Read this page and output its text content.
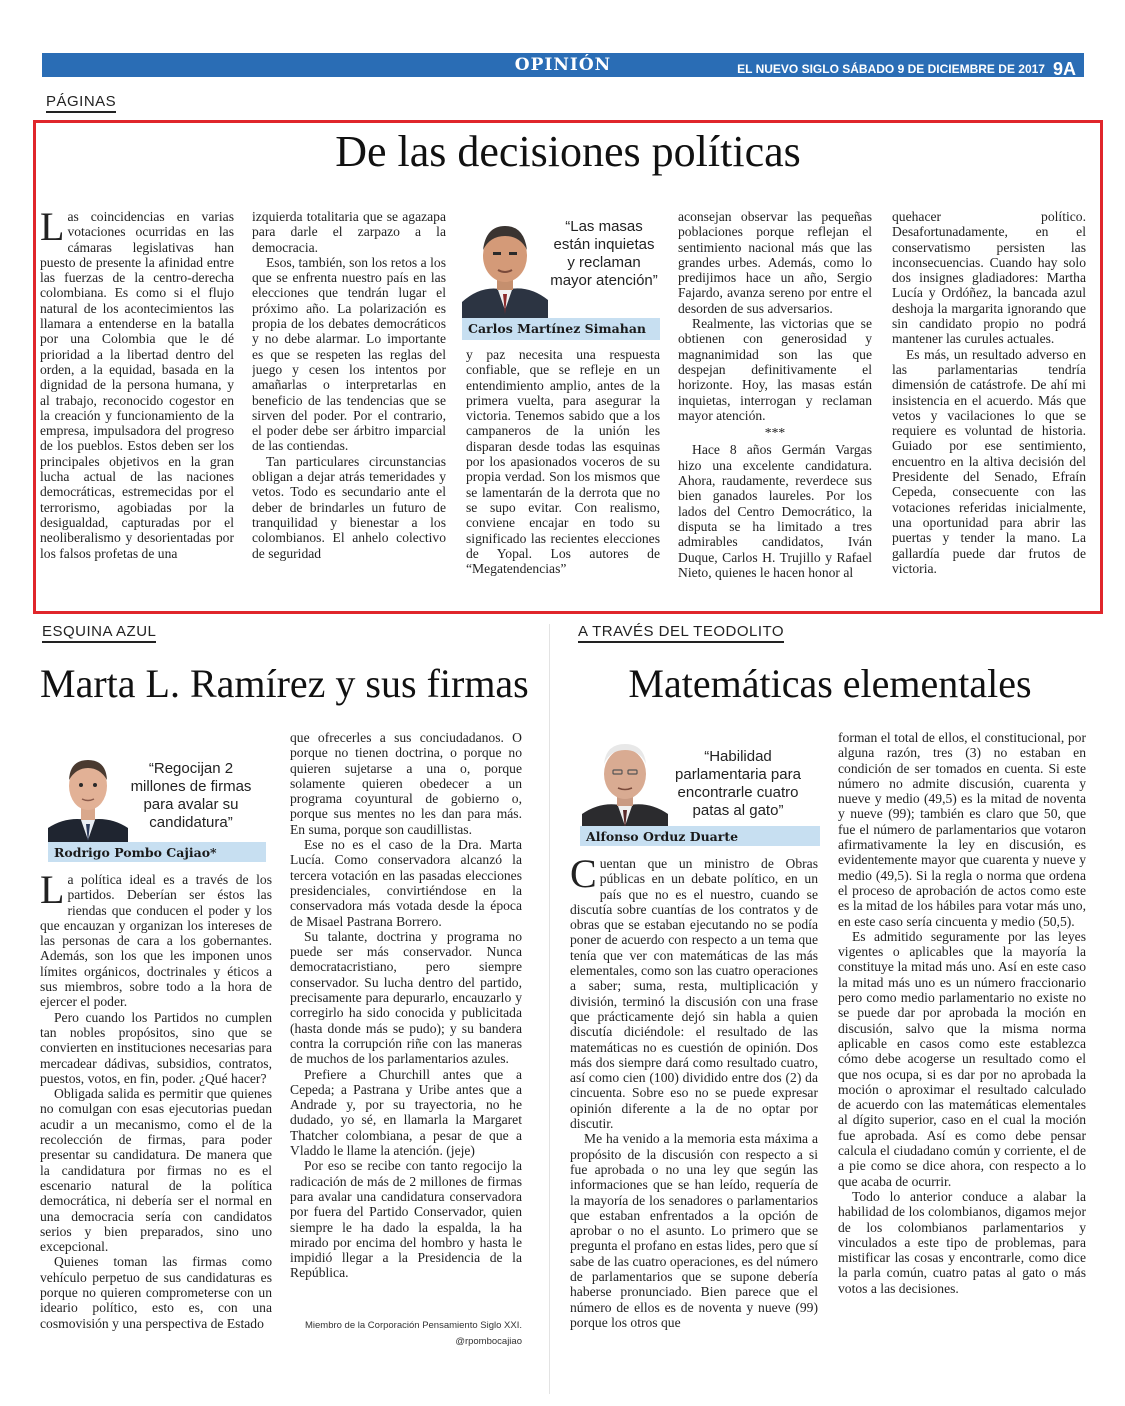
OPINIÓN	EL NUEVO SIGLO SÁBADO 9 DE DICIEMBRE DE 2017 9A
PÁGINAS
De las decisiones políticas

Las coincidencias en varias votaciones ocurridas en las cámaras legislativas han puesto de presente la afinidad entre las fuerzas de la centro-derecha colombiana. Es como si el flujo natural de los acontecimientos las llamara a entenderse en la batalla por una Colombia que le dé prioridad a la libertad dentro del orden, a la equidad, basada en la dignidad de la persona humana, y al trabajo, reconocido cogestor en la creación y funcionamiento de la empresa, impulsadora del progreso de los pueblos. Estos deben ser los principales objetivos en la gran lucha actual de las naciones democráticas, estremecidas por el terrorismo, agobiadas por la desigualdad, capturadas por el neoliberalismo y desorientadas por los falsos profetas de una

izquierda totalitaria que se agazapa para darle el zarpazo a la democracia.

Esos, también, son los retos a los que se enfrenta nuestro país en las elecciones que tendrán lugar el próximo año. La polarización es propia de los debates democráticos y no debe alarmar. Lo importante es que se respeten las reglas del juego y cesen los intentos por amañarlas o interpretarlas en beneficio de las tendencias que se sirven del poder. Por el contrario, el poder debe ser árbitro imparcial de las contiendas.

Tan particulares circunstancias obligan a dejar atrás temeridades y vetos. Todo es secundario ante el deber de brindarles un futuro de tranquilidad y bienestar a los colombianos. El anhelo colectivo de seguridad

“Las masas están inquietas y reclaman mayor atención”
Carlos Martínez Simahan

y paz necesita una respuesta confiable, que se refleje en un entendimiento amplio, antes de la primera vuelta, para asegurar la victoria. Tenemos sabido que a los campaneros de la unión les disparan desde todas las esquinas por los apasionados voceros de su propia verdad. Son los mismos que se lamentarán de la derrota que no se supo evitar. Con realismo, conviene encajar en todo su significado las recientes elecciones de Yopal. Los autores de “Megatendencias”

aconsejan observar las pequeñas poblaciones porque reflejan el sentimiento nacional más que las grandes urbes. Además, como lo predijimos hace un año, Sergio Fajardo, avanza sereno por entre el desorden de sus adversarios.

Realmente, las victorias que se obtienen con generosidad y magnanimidad son las que despejan definitivamente el horizonte. Hoy, las masas están inquietas, interrogan y reclaman mayor atención.

***

Hace 8 años Germán Vargas hizo una excelente candidatura. Ahora, raudamente, reverdece sus bien ganados laureles. Por los lados del Centro Democrático, la disputa se ha limitado a tres admirables candidatos, Iván Duque, Carlos H. Trujillo y Rafael Nieto, quienes le hacen honor al

quehacer político. Desafortunadamente, en el conservatismo persisten las inconsecuencias. Cuando hay solo dos insignes gladiadores: Martha Lucía y Ordóñez, la bancada azul deshoja la margarita ignorando que sin candidato propio no podrá mantener las curules actuales.

Es más, un resultado adverso en las parlamentarias tendría dimensión de catástrofe. De ahí mi insistencia en el acuerdo. Más que vetos y vacilaciones lo que se requiere es voluntad de historia. Guiado por ese sentimiento, encuentro en la altiva decisión del Presidente del Senado, Efraín Cepeda, consecuente con las votaciones referidas inicialmente, una oportunidad para abrir las puertas y tender la mano. La gallardía puede dar frutos de victoria.

ESQUINA AZUL
Marta L. Ramírez y sus firmas
“Regocijan 2 millones de firmas para avalar su candidatura”
Rodrigo Pombo Cajiao*

La política ideal es a través de los partidos. Deberían ser éstos las riendas que conducen el poder y los que encauzan y organizan los intereses de las personas de cara a los gobernantes. Además, son los que les imponen unos límites orgánicos, doctrinales y éticos a sus miembros, sobre todo a la hora de ejercer el poder.

Pero cuando los Partidos no cumplen tan nobles propósitos, sino que se convierten en instituciones necesarias para mercadear dádivas, subsidios, contratos, puestos, votos, en fin, poder. ¿Qué hacer?

Obligada salida es permitir que quienes no comulgan con esas ejecutorias puedan acudir a un mecanismo, como el de la recolección de firmas, para poder presentar su candidatura. De manera que la candidatura por firmas no es el escenario natural de la política democrática, ni debería ser el normal en una democracia sería con candidatos serios y bien preparados, sino uno excepcional.

Quienes toman las firmas como vehículo perpetuo de sus candidaturas es porque no quieren comprometerse con un ideario político, esto es, con una cosmovisión y una perspectiva de Estado

que ofrecerles a sus conciudadanos. O porque no tienen doctrina, o porque no quieren sujetarse a una o, porque solamente quieren obedecer a un programa coyuntural de gobierno o, porque sus mentes no les dan para más. En suma, porque son caudillistas.

Ese no es el caso de la Dra. Marta Lucía. Como conservadora alcanzó la tercera votación en las pasadas elecciones presidenciales, convirtiéndose en la conservadora más votada desde la época de Misael Pastrana Borrero.

Su talante, doctrina y programa no puede ser más conservador. Nunca democratacristiano, pero siempre conservador. Su lucha dentro del partido, precisamente para depurarlo, encauzarlo y corregirlo ha sido conocida y publicitada (hasta donde más se pudo); y su bandera contra la corrupción riñe con las maneras de muchos de los parlamentarios azules.

Prefiere a Churchill antes que a Cepeda; a Pastrana y Uribe antes que a Andrade y, por su trayectoria, no he dudado, yo sé, en llamarla la Margaret Thatcher colombiana, a pesar de que a Vladdo le llame la atención. (jeje)

Por eso se recibe con tanto regocijo la radicación de más de 2 millones de firmas para avalar una candidatura conservadora por fuera del Partido Conservador, quien siempre le ha dado la espalda, la ha mirado por encima del hombro y hasta le impidió llegar a la Presidencia de la República.

Miembro de la Corporación Pensamiento Siglo XXI.
@rpombocajiao
A TRAVÉS DEL TEODOLITO
Matemáticas elementales
“Habilidad parlamentaria para encontrarle cuatro patas al gato”
Alfonso Orduz Duarte

Cuentan que un ministro de Obras públicas en un debate político, en un país que no es el nuestro, cuando se discutía sobre cuantías de los contratos y de obras que se estaban ejecutando no se podía poner de acuerdo con respecto a un tema que tenía que ver con matemáticas de las más elementales, como son las cuatro operaciones a saber; suma, resta, multiplicación y división, terminó la discusión con una frase que prácticamente dejó sin habla a quien discutía diciéndole: el resultado de las matemáticas no es cuestión de opinión. Dos más dos siempre dará como resultado cuatro, así como cien (100) dividido entre dos (2) da cincuenta. Sobre eso no se puede expresar opinión diferente a la de no optar por discutir.

Me ha venido a la memoria esta máxima a propósito de la discusión con respecto a si fue aprobada o no una ley que según las informaciones que se han leído, requería de la mayoría de los senadores o parlamentarios que estaban enfrentados a la opción de aprobar o no el asunto. Lo primero que se pregunta el profano en estas lides, pero que sí sabe de las cuatro operaciones, es del número de parlamentarios que se supone debería haberse pronunciado. Bien parece que el número de ellos es de noventa y nueve (99) porque los otros que

forman el total de ellos, el constitucional, por alguna razón, tres (3) no estaban en condición de ser tomados en cuenta. Si este número no admite discusión, cuarenta y nueve y medio (49,5) es la mitad de noventa y nueve (99); también es claro que 50, que fue el número de parlamentarios que votaron afirmativamente la ley en discusión, es evidentemente mayor que cuarenta y nueve y medio (49,5). Si la regla o norma que ordena el proceso de aprobación de actos como este es la mitad de los hábiles para votar más uno, en este caso sería cincuenta y medio (50,5).

Es admitido seguramente por las leyes vigentes o aplicables que la mayoría la constituye la mitad más uno. Así en este caso la mitad más uno es un número fraccionario pero como medio parlamentario no existe no se puede dar por aprobada la moción en discusión, salvo que la misma norma aplicable en casos como este establezca cómo debe acogerse un resultado como el que nos ocupa, si es dar por no aprobada la moción o aproximar el resultado calculado de acuerdo con las matemáticas elementales al dígito superior, caso en el cual la moción fue aprobada. Así es como debe pensar calcula el ciudadano común y corriente, el de a pie como se dice ahora, con respecto a lo que acaba de ocurrir.

Todo lo anterior conduce a alabar la habilidad de los colombianos, digamos mejor de los colombianos parlamentarios y vinculados a este tipo de problemas, para mistificar las cosas y encontrarle, como dice la parla común, cuatro patas al gato o más votos a las decisiones.
